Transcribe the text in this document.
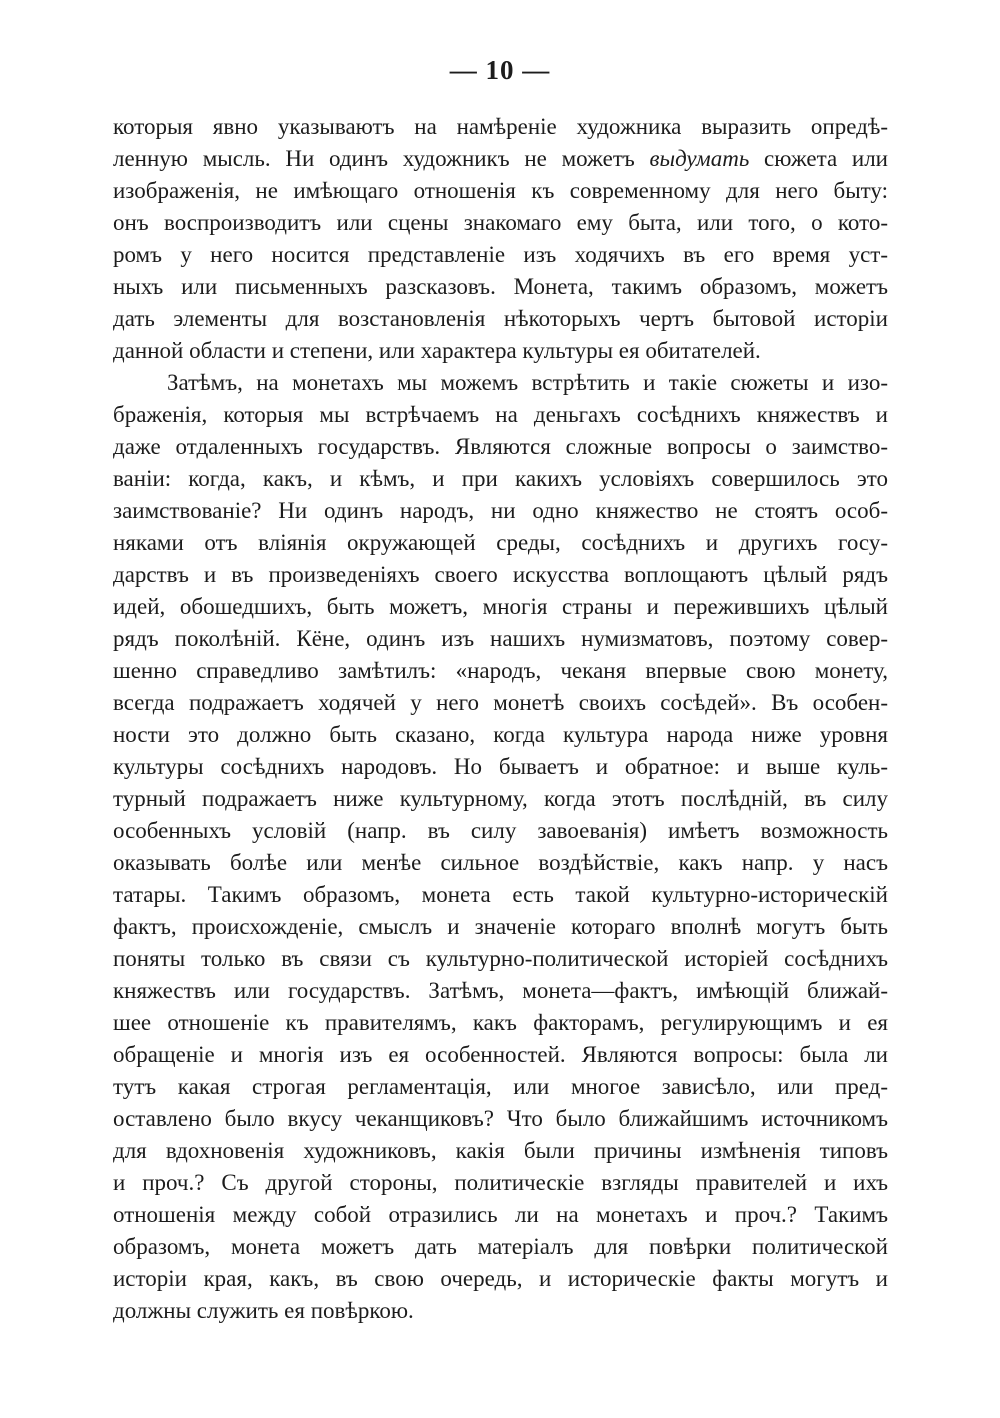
— 10 —
которыя явно указываютъ на намѣреніе художника выразить опредѣ-
ленную мысль. Ни одинъ художникъ не можетъ выдумать сюжета или
изображенія, не имѣющаго отношенія къ современному для него быту:
онъ воспроизводитъ или сцены знакомаго ему быта, или того, о кото-
ромъ у него носится представленіе изъ ходячихъ въ его время уст-
ныхъ или письменныхъ разсказовъ. Монета, такимъ образомъ, можетъ
дать элементы для возстановленія нѣкоторыхъ чертъ бытовой исторіи
данной области и степени, или характера культуры ея обитателей.
Затѣмъ, на монетахъ мы можемъ встрѣтить и такіе сюжеты и изо-
браженія, которыя мы встрѣчаемъ на деньгахъ сосѣднихъ княжествъ и
даже отдаленныхъ государствъ. Являются сложные вопросы о заимство-
ваніи: когда, какъ, и кѣмъ, и при какихъ условіяхъ совершилось это
заимствованіе? Ни одинъ народъ, ни одно княжество не стоятъ особ-
няками отъ вліянія окружающей среды, сосѣднихъ и другихъ госу-
дарствъ и въ произведеніяхъ своего искусства воплощаютъ цѣлый рядъ
идей, обошедшихъ, быть можетъ, многія страны и пережившихъ цѣлый
рядъ поколѣній. Кёне, одинъ изъ нашихъ нумизматовъ, поэтому совер-
шенно справедливо замѣтилъ: «народъ, чеканя впервые свою монету,
всегда подражаетъ ходячей у него монетѣ своихъ сосѣдей». Въ особен-
ности это должно быть сказано, когда культура народа ниже уровня
культуры сосѣднихъ народовъ. Но бываетъ и обратное: и выше куль-
турный подражаетъ ниже культурному, когда этотъ послѣдній, въ силу
особенныхъ условій (напр. въ силу завоеванія) имѣетъ возможность
оказывать болѣе или менѣе сильное воздѣйствіе, какъ напр. у насъ
татары. Такимъ образомъ, монета есть такой культурно-историческій
фактъ, происхожденіе, смыслъ и значеніе котораго вполнѣ могутъ быть
поняты только въ связи съ культурно-политической исторіей сосѣднихъ
княжествъ или государствъ. Затѣмъ, монета—фактъ, имѣющій ближай-
шее отношеніе къ правителямъ, какъ факторамъ, регулирующимъ и ея
обращеніе и многія изъ ея особенностей. Являются вопросы: была ли
тутъ какая строгая регламентація, или многое зависѣло, или пред-
оставлено было вкусу чеканщиковъ? Что было ближайшимъ источникомъ
для вдохновенія художниковъ, какія были причины измѣненія типовъ
и проч.? Съ другой стороны, политическіе взгляды правителей и ихъ
отношенія между собой отразились ли на монетахъ и проч.? Такимъ
образомъ, монета можетъ дать матеріалъ для повѣрки политической
исторіи края, какъ, въ свою очередь, и историческіе факты могутъ и
должны служить ея повѣркою.
